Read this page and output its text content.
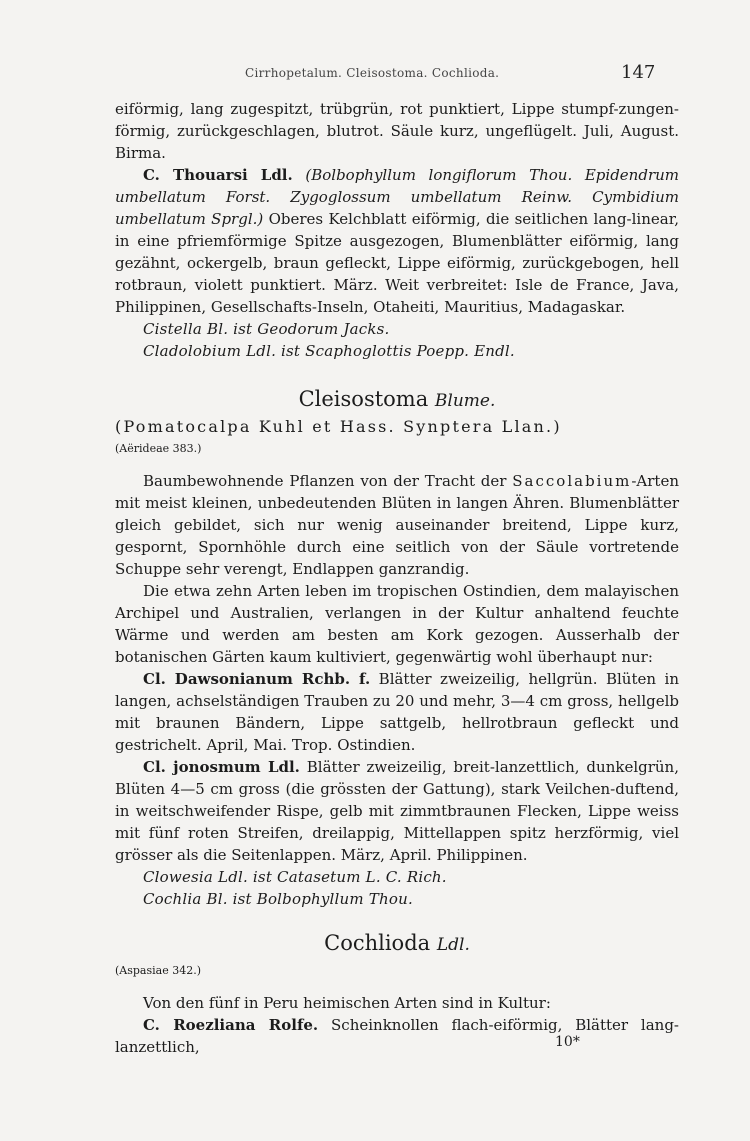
Cirrhopetalum. Cleisostoma. Cochlioda.	147

eiförmig, lang zugespitzt, trübgrün, rot punktiert, Lippe stumpf-zungen-förmig, zurückgeschlagen, blutrot. Säule kurz, ungeflügelt. Juli, August. Birma.

C. Thouarsi Ldl. (Bolbophyllum longiflorum Thou. Epidendrum umbellatum Forst. Zygoglossum umbellatum Reinw. Cymbidium umbellatum Sprgl.) Oberes Kelchblatt eiförmig, die seitlichen lang-linear, in eine pfriemförmige Spitze ausgezogen, Blumenblätter eiförmig, lang gezähnt, ockergelb, braun gefleckt, Lippe eiförmig, zurückgebogen, hell rotbraun, violett punktiert. März. Weit verbreitet: Isle de France, Java, Philippinen, Gesellschafts-Inseln, Otaheiti, Mauritius, Madagaskar.

Cistella Bl. ist Geodorum Jacks.

Cladolobium Ldl. ist Scaphoglottis Poepp. Endl.

Cleisostoma Blume.

(Pomatocalpa Kuhl et Hass. Synptera Llan.)

(Aërideae 383.)

Baumbewohnende Pflanzen von der Tracht der Saccolabium-Arten mit meist kleinen, unbedeutenden Blüten in langen Ähren. Blumenblätter gleich gebildet, sich nur wenig auseinander breitend, Lippe kurz, gespornt, Spornhöhle durch eine seitlich von der Säule vortretende Schuppe sehr verengt, Endlappen ganzrandig.

Die etwa zehn Arten leben im tropischen Ostindien, dem malayischen Archipel und Australien, verlangen in der Kultur anhaltend feuchte Wärme und werden am besten am Kork gezogen. Ausserhalb der botanischen Gärten kaum kultiviert, gegenwärtig wohl überhaupt nur:

Cl. Dawsonianum Rchb. f. Blätter zweizeilig, hellgrün. Blüten in langen, achselständigen Trauben zu 20 und mehr, 3—4 cm gross, hellgelb mit braunen Bändern, Lippe sattgelb, hellrotbraun gefleckt und gestrichelt. April, Mai. Trop. Ostindien.

Cl. jonosmum Ldl. Blätter zweizeilig, breit-lanzettlich, dunkelgrün, Blüten 4—5 cm gross (die grössten der Gattung), stark Veilchen-duftend, in weitschweifender Rispe, gelb mit zimmtbraunen Flecken, Lippe weiss mit fünf roten Streifen, dreilappig, Mittellappen spitz herzförmig, viel grösser als die Seitenlappen. März, April. Philippinen.

Clowesia Ldl. ist Catasetum L. C. Rich.

Cochlia Bl. ist Bolbophyllum Thou.

Cochlioda Ldl.

(Aspasiae 342.)

Von den fünf in Peru heimischen Arten sind in Kultur:

C. Roezliana Rolfe. Scheinknollen flach-eiförmig, Blätter lang-lanzettlich,	10*
